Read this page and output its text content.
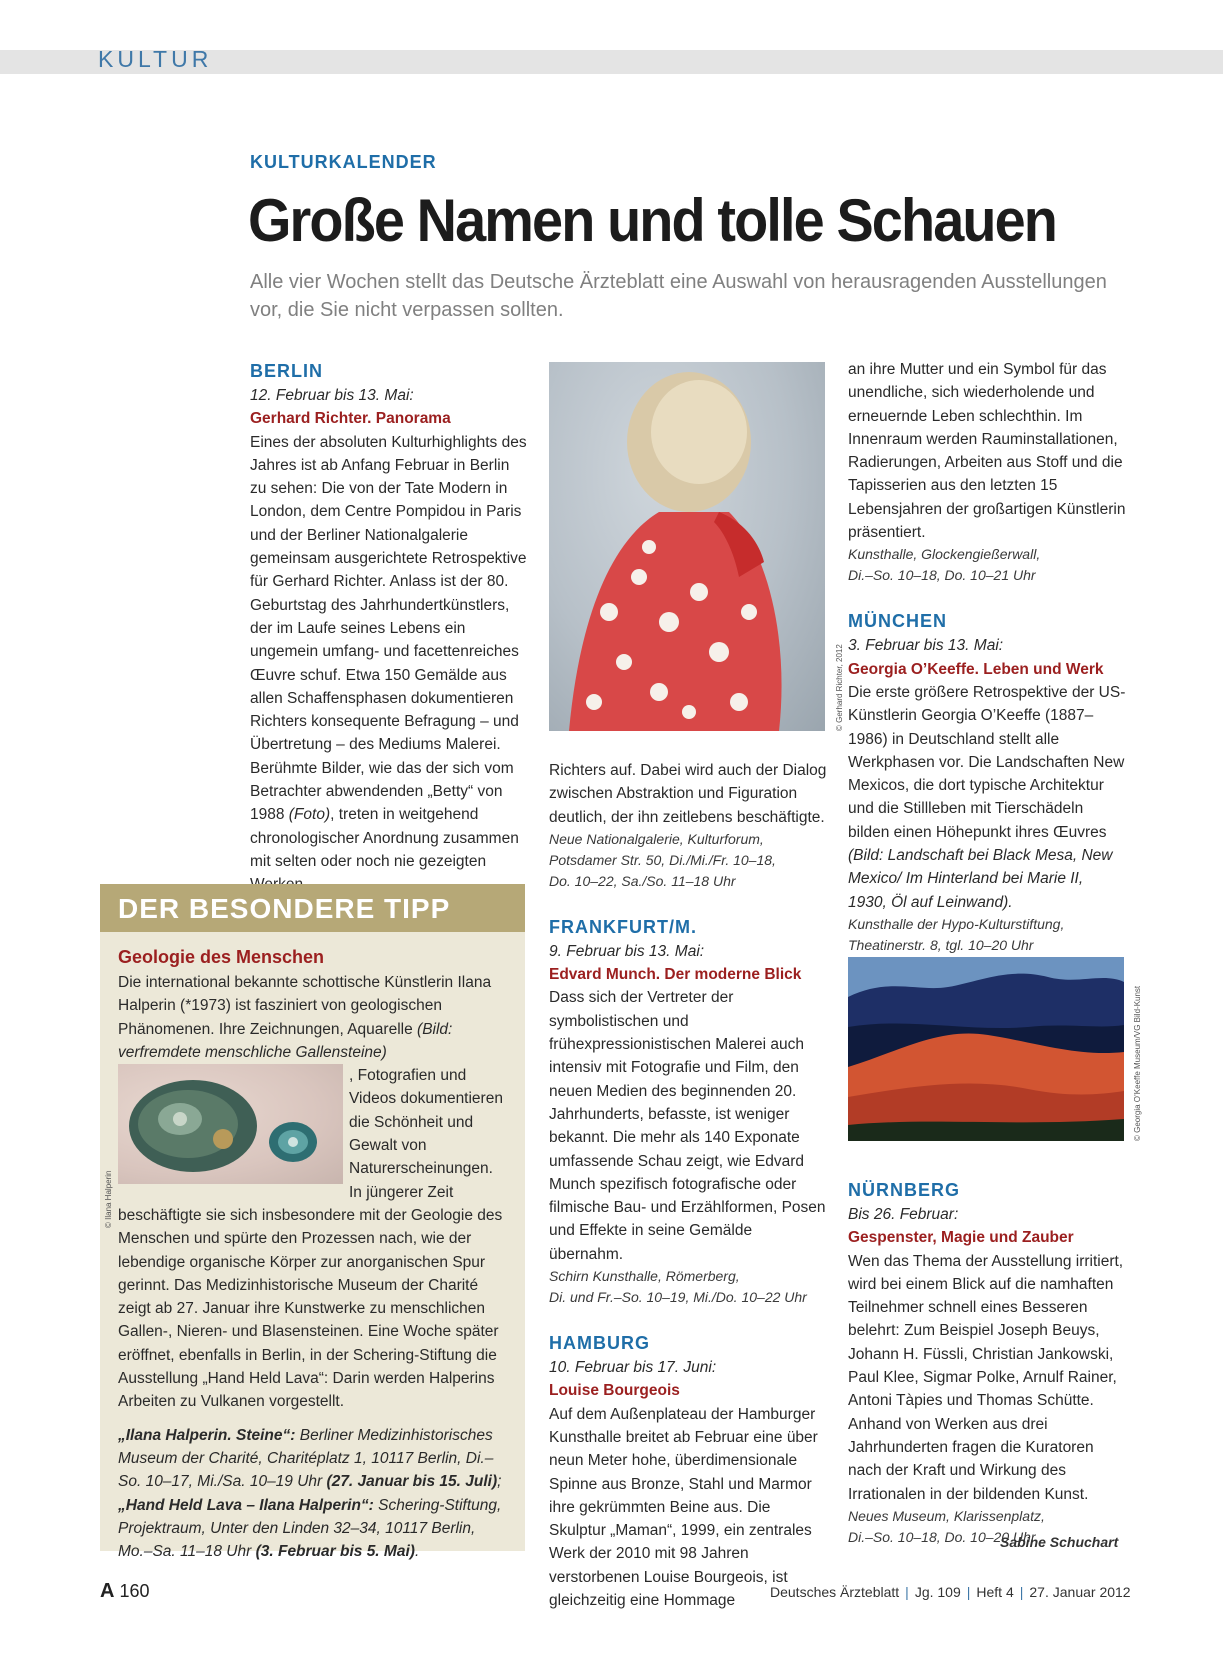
KULTUR
KULTURKALENDER
Große Namen und tolle Schauen
Alle vier Wochen stellt das Deutsche Ärzteblatt eine Auswahl von herausragenden Ausstellungen vor, die Sie nicht verpassen sollten.
BERLIN

12. Februar bis 13. Mai:

Gerhard Richter. Panorama

Eines der absoluten Kulturhighlights des Jahres ist ab Anfang Februar in Berlin zu sehen: Die von der Tate Modern in London, dem Centre Pompidou in Paris und der Berliner Nationalgalerie gemeinsam ausgerichtete Retrospektive für Gerhard Richter. Anlass ist der 80. Geburtstag des Jahrhundertkünstlers, der im Laufe seines Lebens ein ungemein umfang- und facettenreiches Œuvre schuf. Etwa 150 Gemälde aus allen Schaffensphasen dokumentieren Richters konsequente Befragung – und Übertretung – des Mediums Malerei. Berühmte Bilder, wie das der sich vom Betrachter abwendenden „Betty“ von 1988 (Foto), treten in weitgehend chronologischer Anordnung zusammen mit selten oder noch nie gezeigten

© Gerhard Richter, 2012

Richters auf. Dabei wird auch der Dialog zwischen Abstraktion und Figuration deutlich, der ihn zeitlebens beschäftigte.

Neue Nationalgalerie, Kulturforum,

Potsdamer Str. 50, Di./Mi./Fr. 10–18,

Do. 10–22, Sa./So. 11–18 Uhr

FRANKFURT/M.

9. Februar bis 13. Mai:

Edvard Munch. Der moderne Blick

Dass sich der Vertreter der symbolistischen und frühexpressionistischen Malerei auch intensiv mit Fotografie und Film, den neuen Medien des beginnenden 20. Jahrhunderts, befasste, ist weniger bekannt. Die mehr als 140 Exponate umfassende Schau zeigt, wie Edvard Munch spezifisch fotografische oder filmische Bau- und Erzählformen, Posen und Effekte in seine Gemälde übernahm.

Schirn Kunsthalle, Römerberg,

Di. und Fr.–So. 10–19, Mi./Do. 10–22 Uhr

HAMBURG

10. Februar bis 17. Juni:

Louise Bourgeois

Auf dem Außenplateau der Hamburger Kunsthalle breitet ab Februar eine über neun Meter hohe, überdimensionale Spinne aus Bronze, Stahl und Marmor ihre gekrümmten Beine aus. Die Skulptur „Maman“, 1999, ein zentrales Werk der 2010 mit 98 Jahren verstorbenen Louise Bourgeois, ist gleichzeitig eine Hommage

an ihre Mutter und ein Symbol für das unendliche, sich wiederholende und erneuernde Leben schlechthin. Im Innenraum werden Rauminstallationen, Radierungen, Arbeiten aus Stoff und die Tapisserien aus den letzten 15 Lebensjahren der großartigen Künstlerin präsentiert.

Kunsthalle, Glockengießerwall,

Di.–So. 10–18, Do. 10–21 Uhr

MÜNCHEN

3. Februar bis 13. Mai:

Georgia O’Keeffe. Leben und Werk

Die erste größere Retrospektive der US-Künstlerin Georgia O’Keeffe (1887–1986) in Deutschland stellt alle Werkphasen vor. Die Landschaften New Mexicos, die dort typische Architektur und die Stillleben mit Tierschädeln bilden einen Höhepunkt ihres Œuvres (Bild: Landschaft bei Black Mesa, New Mexico/ Im Hinterland bei Marie II, 1930, Öl auf Leinwand).

Kunsthalle der Hypo-Kulturstiftung,

Theatinerstr. 8, tgl. 10–20 Uhr

© Georgia O’Keeffe Museum/VG Bild-Kunst
NÜRNBERG

Bis 26. Februar:

Gespenster, Magie und Zauber

Wen das Thema der Ausstellung irritiert, wird bei einem Blick auf die namhaften Teilnehmer schnell eines Besseren belehrt: Zum Beispiel Joseph Beuys, Johann H. Füssli, Christian Jankowski, Paul Klee, Sigmar Polke, Arnulf Rainer, Antoni Tàpies und Thomas Schütte. Anhand von Werken aus drei Jahrhunderten fragen die Kuratoren nach der Kraft und Wirkung des Irrationalen in der bildenden Kunst.

Neues Museum, Klarissenplatz,

Di.–So. 10–18, Do. 10–20 Uhr

Sabine Schuchart
DER BESONDERE TIPP
Geologie des Menschen

Die international bekannte schottische Künstlerin Ilana Halperin (*1973) ist fasziniert von geologischen Phänomenen. Ihre Zeichnungen, Aquarelle (Bild: verfremdete menschliche Gallensteine)

, Fotografien und Videos dokumentieren die Schönheit und Gewalt von Naturerscheinungen. In jüngerer Zeit beschäftigte sie sich insbesondere mit der Geologie des Menschen und spürte den Prozessen nach, wie der lebendige organische Körper zur anorganischen Spur gerinnt. Das Medizinhistorische Museum der Charité zeigt ab 27. Januar ihre Kunstwerke zu menschlichen Gallen-, Nieren- und Blasensteinen. Eine Woche später eröffnet, ebenfalls in Berlin, in der Schering-Stiftung die Ausstellung „Hand Held Lava“: Darin werden Halperins Arbeiten zu Vulkanen vorgestellt.

„Ilana Halperin. Steine“: Berliner Medizinhistorisches Museum der Charité, Charitéplatz 1, 10117 Berlin, Di.–So. 10–17, Mi./Sa. 10–19 Uhr (27. Januar bis 15. Juli);

„Hand Held Lava – Ilana Halperin“: Schering-Stiftung, Projektraum, Unter den Linden 32–34, 10117 Berlin, Mo.–Sa. 11–18 Uhr (3. Februar bis 5. Mai).

© Ilana Halperin
A 160	Deutsches Ärzteblatt | Jg. 109 | Heft 4 | 27. Januar 2012
